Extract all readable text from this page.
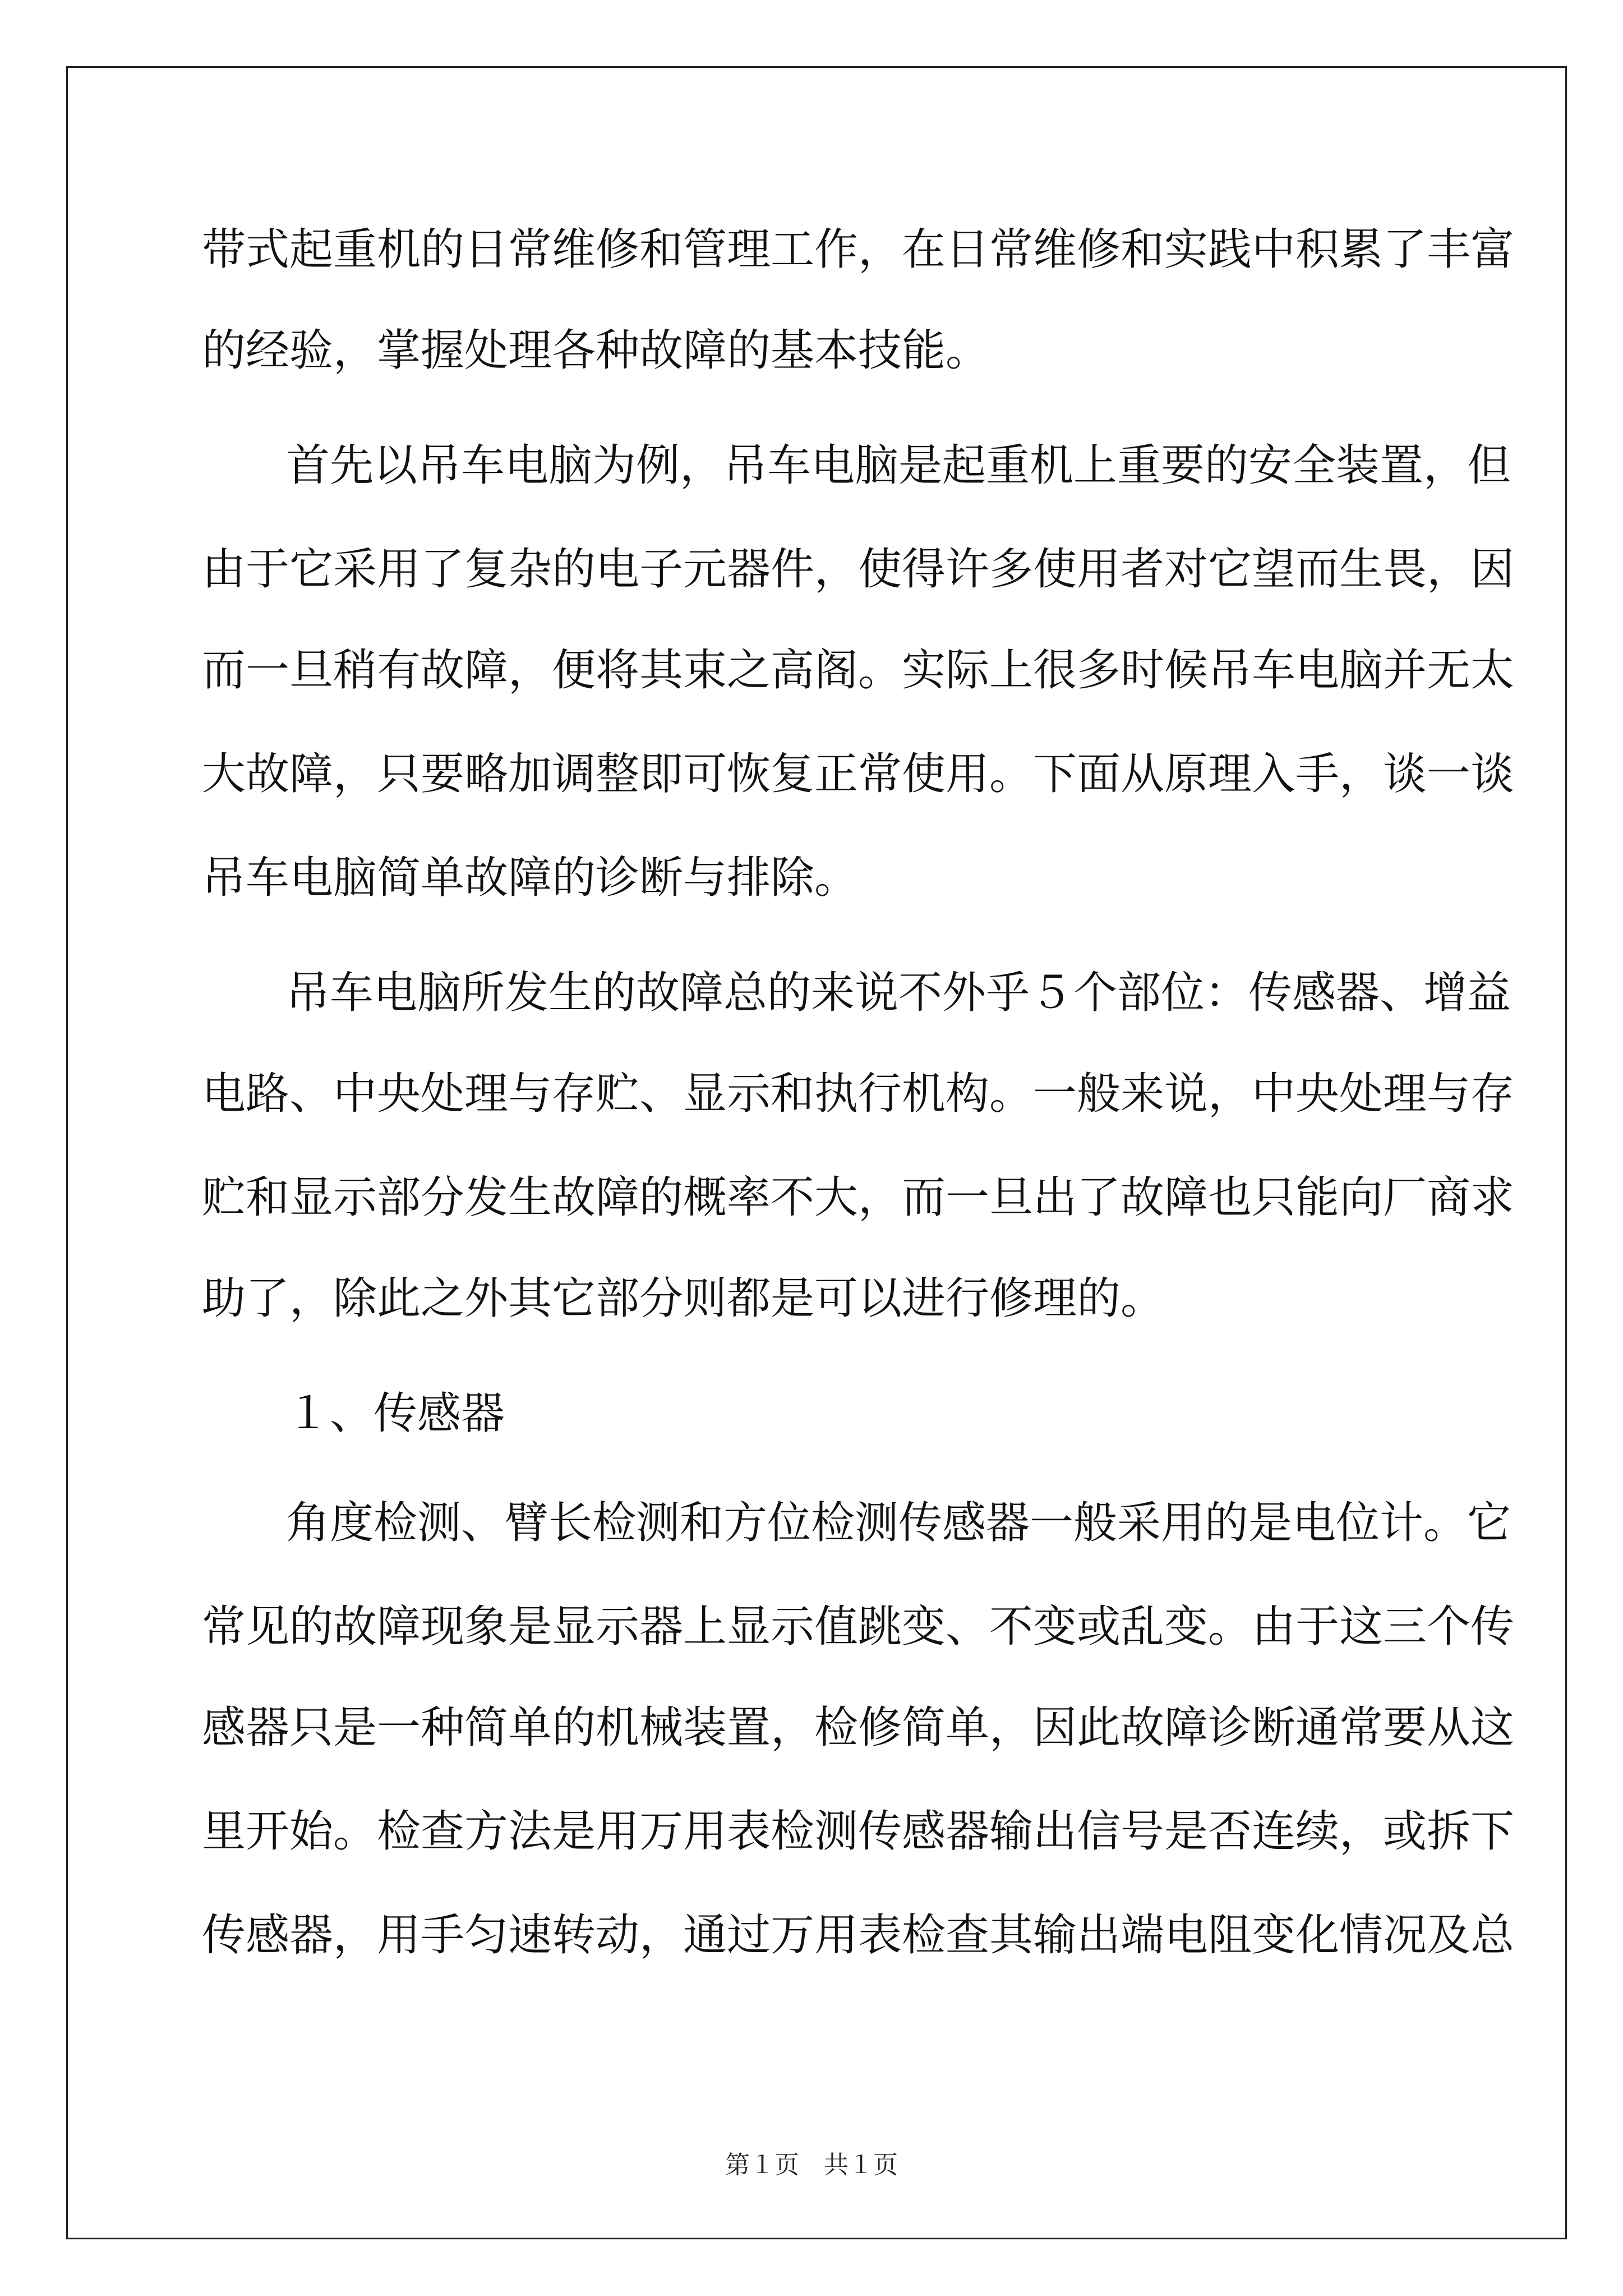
带式起重机的日常维修和管理工作，在日常维修和实践中积累了丰富
的经验，掌握处理各种故障的基本技能。
首先以吊车电脑为例，吊车电脑是起重机上重要的安全装置，但
由于它采用了复杂的电子元器件，使得许多使用者对它望而生畏，因
而一旦稍有故障，便将其束之高阁。实际上很多时候吊车电脑并无太
大故障，只要略加调整即可恢复正常使用。下面从原理入手，谈一谈
吊车电脑简单故障的诊断与排除。
吊车电脑所发生的故障总的来说不外乎５个部位：传感器、增益
电路、中央处理与存贮、显示和执行机构。一般来说，中央处理与存
贮和显示部分发生故障的概率不大，而一旦出了故障也只能向厂商求
助了，除此之外其它部分则都是可以进行修理的。
１、传感器
角度检测、臂长检测和方位检测传感器一般采用的是电位计。它
常见的故障现象是显示器上显示值跳变、不变或乱变。由于这三个传
感器只是一种简单的机械装置，检修简单，因此故障诊断通常要从这
里开始。检查方法是用万用表检测传感器输出信号是否连续，或拆下
传感器，用手匀速转动，通过万用表检查其输出端电阻变化情况及总
第１页　共１页
